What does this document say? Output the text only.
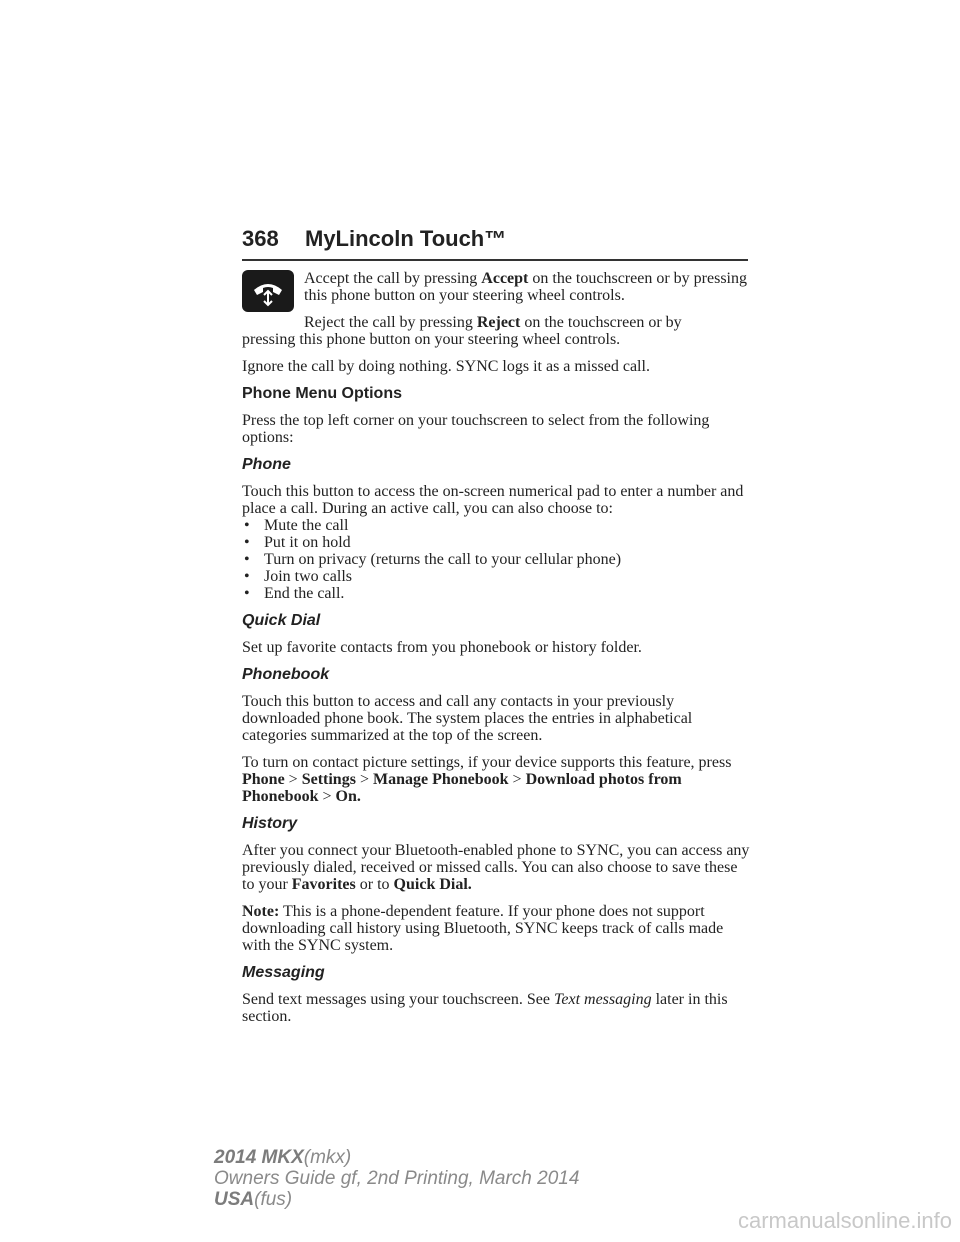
368 MyLincoln Touch™

Accept the call by pressing Accept on the touchscreen or by pressing this phone button on your steering wheel controls.

Reject the call by pressing Reject on the touchscreen or by
pressing this phone button on your steering wheel controls.

Ignore the call by doing nothing. SYNC logs it as a missed call.

Phone Menu Options

Press the top left corner on your touchscreen to select from the following options:

Phone

Touch this button to access the on-screen numerical pad to enter a number and place a call. During an active call, you can also choose to:

• Mute the call
• Put it on hold
• Turn on privacy (returns the call to your cellular phone)
• Join two calls
• End the call.

Quick Dial

Set up favorite contacts from you phonebook or history folder.

Phonebook

Touch this button to access and call any contacts in your previously downloaded phone book. The system places the entries in alphabetical categories summarized at the top of the screen.

To turn on contact picture settings, if your device supports this feature, press Phone > Settings > Manage Phonebook > Download photos from Phonebook > On.

History

After you connect your Bluetooth-enabled phone to SYNC, you can access any previously dialed, received or missed calls. You can also choose to save these to your Favorites or to Quick Dial.

Note: This is a phone-dependent feature. If your phone does not support downloading call history using Bluetooth, SYNC keeps track of calls made with the SYNC system.

Messaging

Send text messages using your touchscreen. See Text messaging later in this section.

2014 MKX(mkx)
Owners Guide gf, 2nd Printing, March 2014
USA(fus)
carmanualsonline.info
